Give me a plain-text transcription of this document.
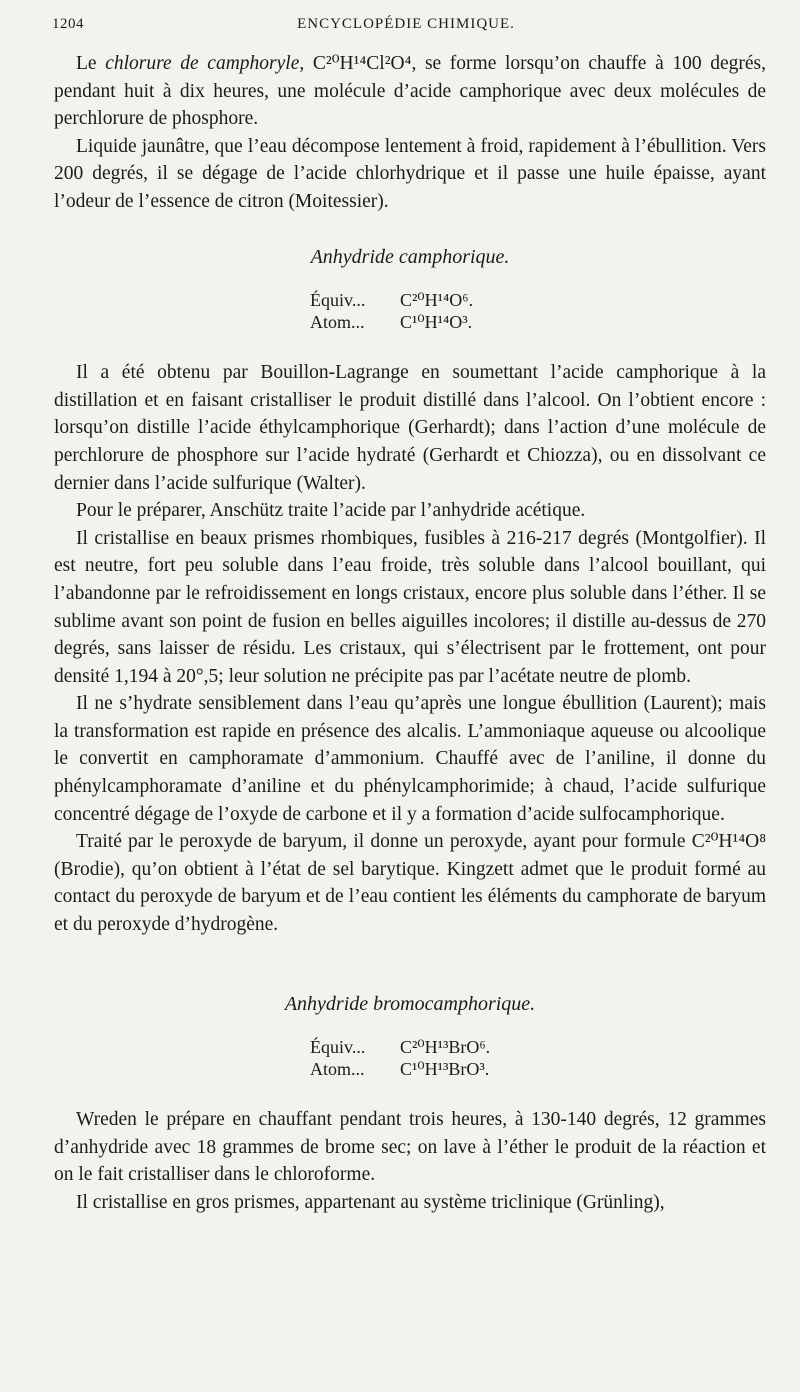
1204	ENCYCLOPÉDIE CHIMIQUE.

Le chlorure de camphoryle, C²⁰H¹⁴Cl²O⁴, se forme lorsqu’on chauffe à 100 degrés, pendant huit à dix heures, une molécule d’acide camphorique avec deux molécules de perchlorure de phosphore.

Liquide jaunâtre, que l’eau décompose lentement à froid, rapidement à l’ébullition. Vers 200 degrés, il se dégage de l’acide chlorhydrique et il passe une huile épaisse, ayant l’odeur de l’essence de citron (Moitessier).

Anhydride camphorique.
Équiv...	C²⁰H¹⁴O⁶.
Atom...	C¹⁰H¹⁴O³.

Il a été obtenu par Bouillon-Lagrange en soumettant l’acide camphorique à la distillation et en faisant cristalliser le produit distillé dans l’alcool. On l’obtient encore : lorsqu’on distille l’acide éthylcamphorique (Gerhardt); dans l’action d’une molécule de perchlorure de phosphore sur l’acide hydraté (Gerhardt et Chiozza), ou en dissolvant ce dernier dans l’acide sulfurique (Walter).

Pour le préparer, Anschütz traite l’acide par l’anhydride acétique.

Il cristallise en beaux prismes rhombiques, fusibles à 216-217 degrés (Montgolfier). Il est neutre, fort peu soluble dans l’eau froide, très soluble dans l’alcool bouillant, qui l’abandonne par le refroidissement en longs cristaux, encore plus soluble dans l’éther. Il se sublime avant son point de fusion en belles aiguilles incolores; il distille au-dessus de 270 degrés, sans laisser de résidu. Les cristaux, qui s’électrisent par le frottement, ont pour densité 1,194 à 20°,5; leur solution ne précipite pas par l’acétate neutre de plomb.

Il ne s’hydrate sensiblement dans l’eau qu’après une longue ébullition (Laurent); mais la transformation est rapide en présence des alcalis. L’ammoniaque aqueuse ou alcoolique le convertit en camphoramate d’ammonium. Chauffé avec de l’aniline, il donne du phénylcamphoramate d’aniline et du phénylcamphorimide; à chaud, l’acide sulfurique concentré dégage de l’oxyde de carbone et il y a formation d’acide sulfocamphorique.

Traité par le peroxyde de baryum, il donne un peroxyde, ayant pour formule C²⁰H¹⁴O⁸ (Brodie), qu’on obtient à l’état de sel barytique. Kingzett admet que le produit formé au contact du peroxyde de baryum et de l’eau contient les éléments du camphorate de baryum et du peroxyde d’hydrogène.

Anhydride bromocamphorique.
Équiv...	C²⁰H¹³BrO⁶.
Atom...	C¹⁰H¹³BrO³.

Wreden le prépare en chauffant pendant trois heures, à 130-140 degrés, 12 grammes d’anhydride avec 18 grammes de brome sec; on lave à l’éther le produit de la réaction et on le fait cristalliser dans le chloroforme.

Il cristallise en gros prismes, appartenant au système triclinique (Grünling),
